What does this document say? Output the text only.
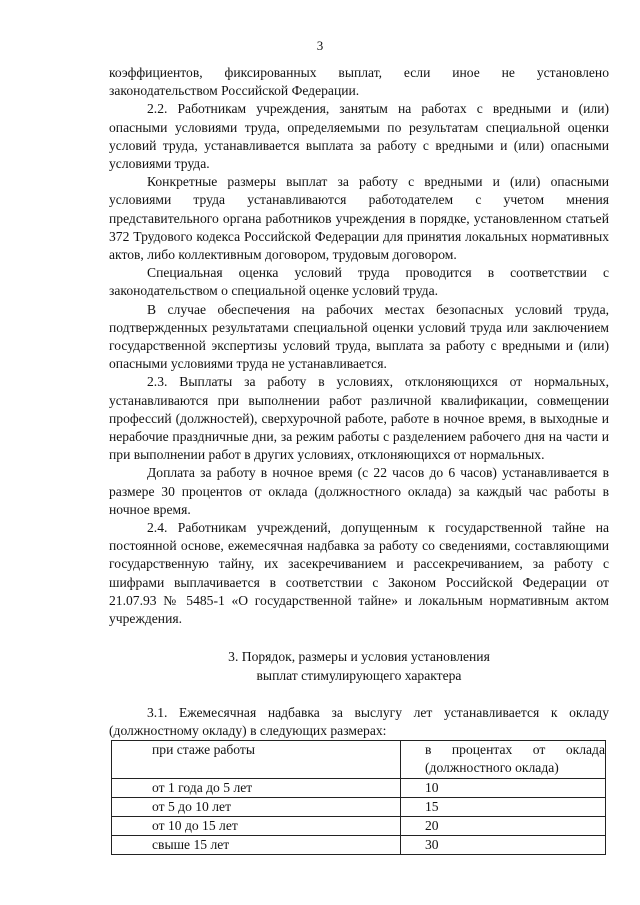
3

коэффициентов, фиксированных выплат, если иное не установлено законодательством Российской Федерации.

2.2. Работникам учреждения, занятым на работах с вредными и (или) опасными условиями труда, определяемыми по результатам специальной оценки условий труда, устанавливается выплата за работу с вредными и (или) опасными условиями труда.

Конкретные размеры выплат за работу с вредными и (или) опасными условиями труда устанавливаются работодателем с учетом мнения представительного органа работников учреждения в порядке, установленном статьей 372 Трудового кодекса Российской Федерации для принятия локальных нормативных актов, либо коллективным договором, трудовым договором.

Специальная оценка условий труда проводится в соответствии с законодательством о специальной оценке условий труда.

В случае обеспечения на рабочих местах безопасных условий труда, подтвержденных результатами специальной оценки условий труда или заключением государственной экспертизы условий труда, выплата за работу с вредными и (или) опасными условиями труда не устанавливается.

2.3. Выплаты за работу в условиях, отклоняющихся от нормальных, устанавливаются при выполнении работ различной квалификации, совмещении профессий (должностей), сверхурочной работе, работе в ночное время, в выходные и нерабочие праздничные дни, за режим работы с разделением рабочего дня на части и при выполнении работ в других условиях, отклоняющихся от нормальных.

Доплата за работу в ночное время (с 22 часов до 6 часов) устанавливается в размере 30 процентов от оклада (должностного оклада) за каждый час работы в ночное время.

2.4. Работникам учреждений, допущенным к государственной тайне на постоянной основе, ежемесячная надбавка за работу со сведениями, составляющими государственную тайну, их засекречиванием и рассекречиванием, за работу с шифрами выплачивается в соответствии с Законом Российской Федерации от 21.07.93 № 5485-1 «О государственной тайне» и локальным нормативным актом учреждения.

3. Порядок, размеры и условия установления
выплат стимулирующего характера

3.1. Ежемесячная надбавка за выслугу лет устанавливается к окладу (должностному окладу) в следующих размерах:

при стаже работы	в процентах от оклада (должностного оклада)
от 1 года до 5 лет	10
от 5 до 10 лет	15
от 10 до 15 лет	20
свыше 15 лет	30
